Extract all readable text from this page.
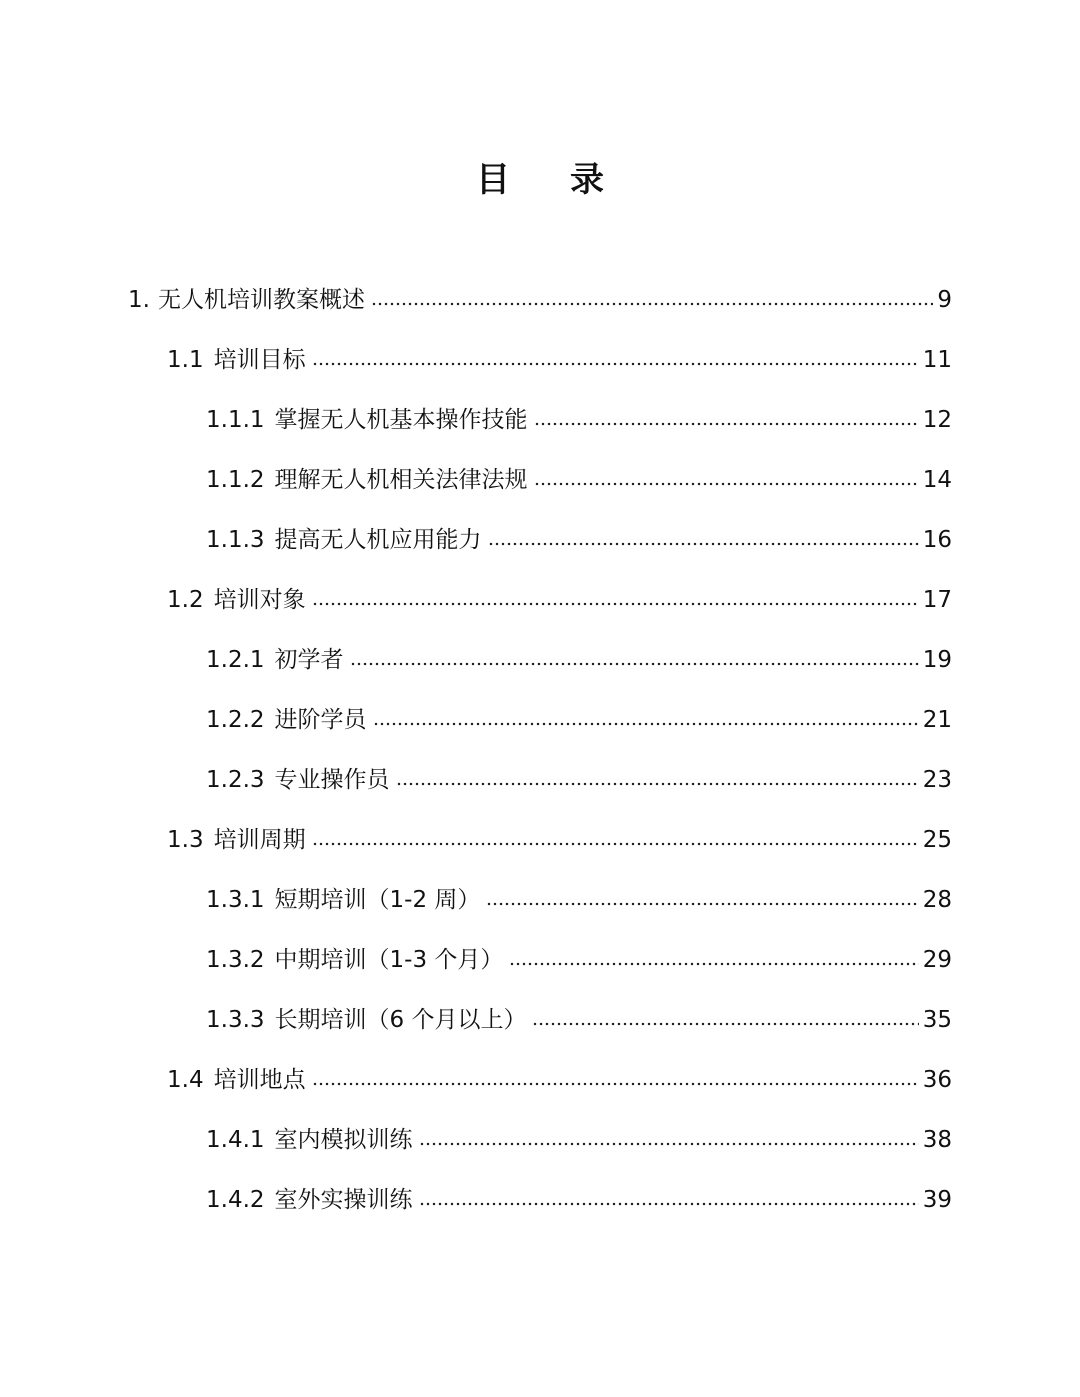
目 录
1. 无人机培训教案概述	9
1.1 培训目标	11
1.1.1 掌握无人机基本操作技能	12
1.1.2 理解无人机相关法律法规	14
1.1.3 提高无人机应用能力	16
1.2 培训对象	17
1.2.1 初学者	19
1.2.2 进阶学员	21
1.2.3 专业操作员	23
1.3 培训周期	25
1.3.1 短期培训（1-2 周）	28
1.3.2 中期培训（1-3 个月）	29
1.3.3 长期培训（6 个月以上）	35
1.4 培训地点	36
1.4.1 室内模拟训练	38
1.4.2 室外实操训练	39
